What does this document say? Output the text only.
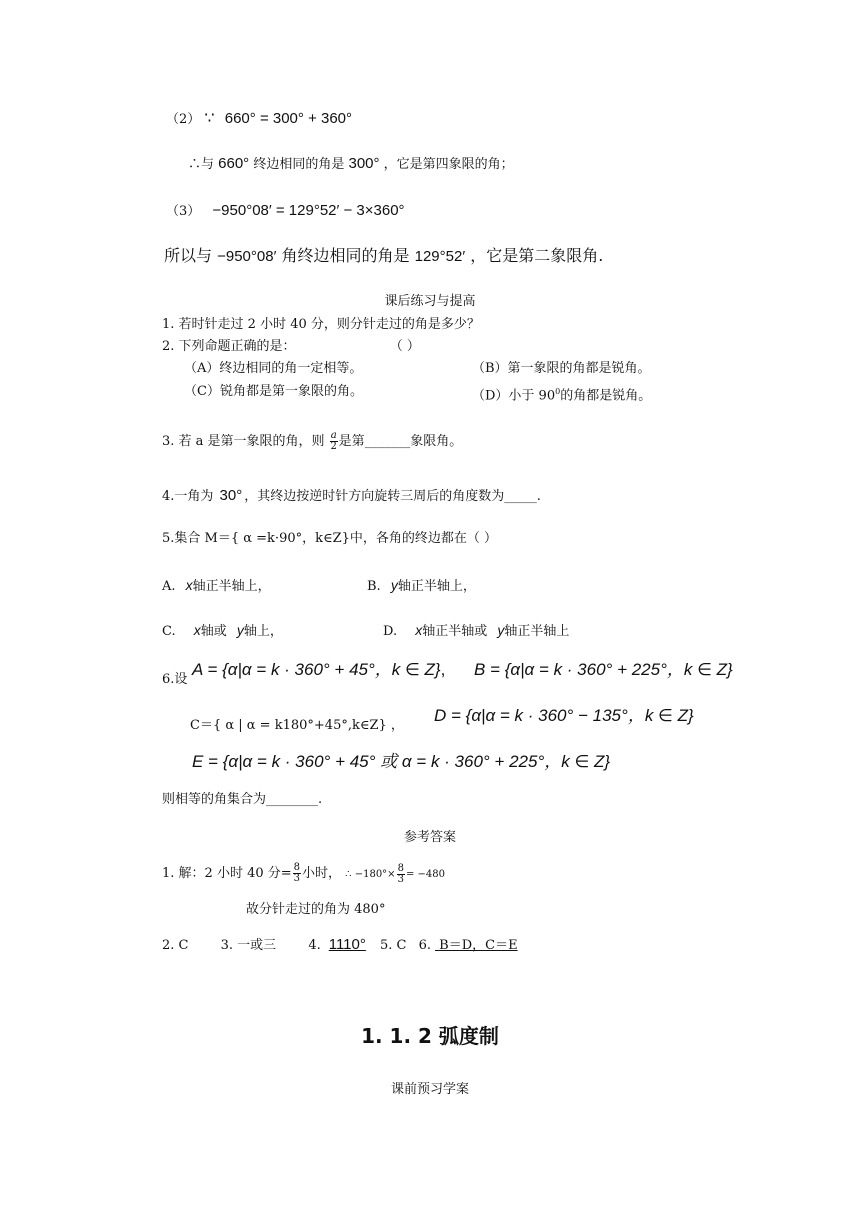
（2） ∵ 660° = 300° + 360°
∴与 660° 终边相同的角是 300° ，它是第四象限的角；
（3） −950°08′ = 129°52′ − 3×360°
所以与 −950°08′ 角终边相同的角是 129°52′ ，它是第二象限角.
课后练习与提高
1. 若时针走过 2 小时 40 分，则分针走过的角是多少？
2. 下列命题正确的是：	（ ）
（A）终边相同的角一定相等。	（B）第一象限的角都是锐角。
（C）锐角都是第一象限的角。	（D）小于 $90^0$的角都是锐角。
3. 若 a 是第一象限的角，则 $\frac{a}{2}$ 是第_______象限角。
4.一角为 30° ，其终边按逆时针方向旋转三周后的角度数为_____.
5.集合 M＝{ α =k·90°，k∈Z}中，各角的终边都在（ ）
A. x轴正半轴上，	B. y轴正半轴上，
C. x轴或 y轴上，	D. x轴正半轴或 y轴正半轴上
6.设
A = {α|α = k · 360° + 45°，k ∈ Z}, B = {α|α = k · 360° + 225°，k ∈ Z}
C＝{ α | α = k180°+45°,k∈Z} ，
D = {α|α = k · 360° − 135°，k ∈ Z}
E = {α|α = k · 360° + 45° 或 α = k · 360° + 225°，k ∈ Z}
则相等的角集合为________.
参考答案
1. 解：2 小时 40 分= $\frac{8}{3}$ 小时， ∴ $-180^\circ\times \frac{8}{3} = -480$
故分针走过的角为 480°
2. C 3. 一或三 4. 1110° 5. C 6. B＝D，C＝E
1. 1. 2 弧度制
课前预习学案
